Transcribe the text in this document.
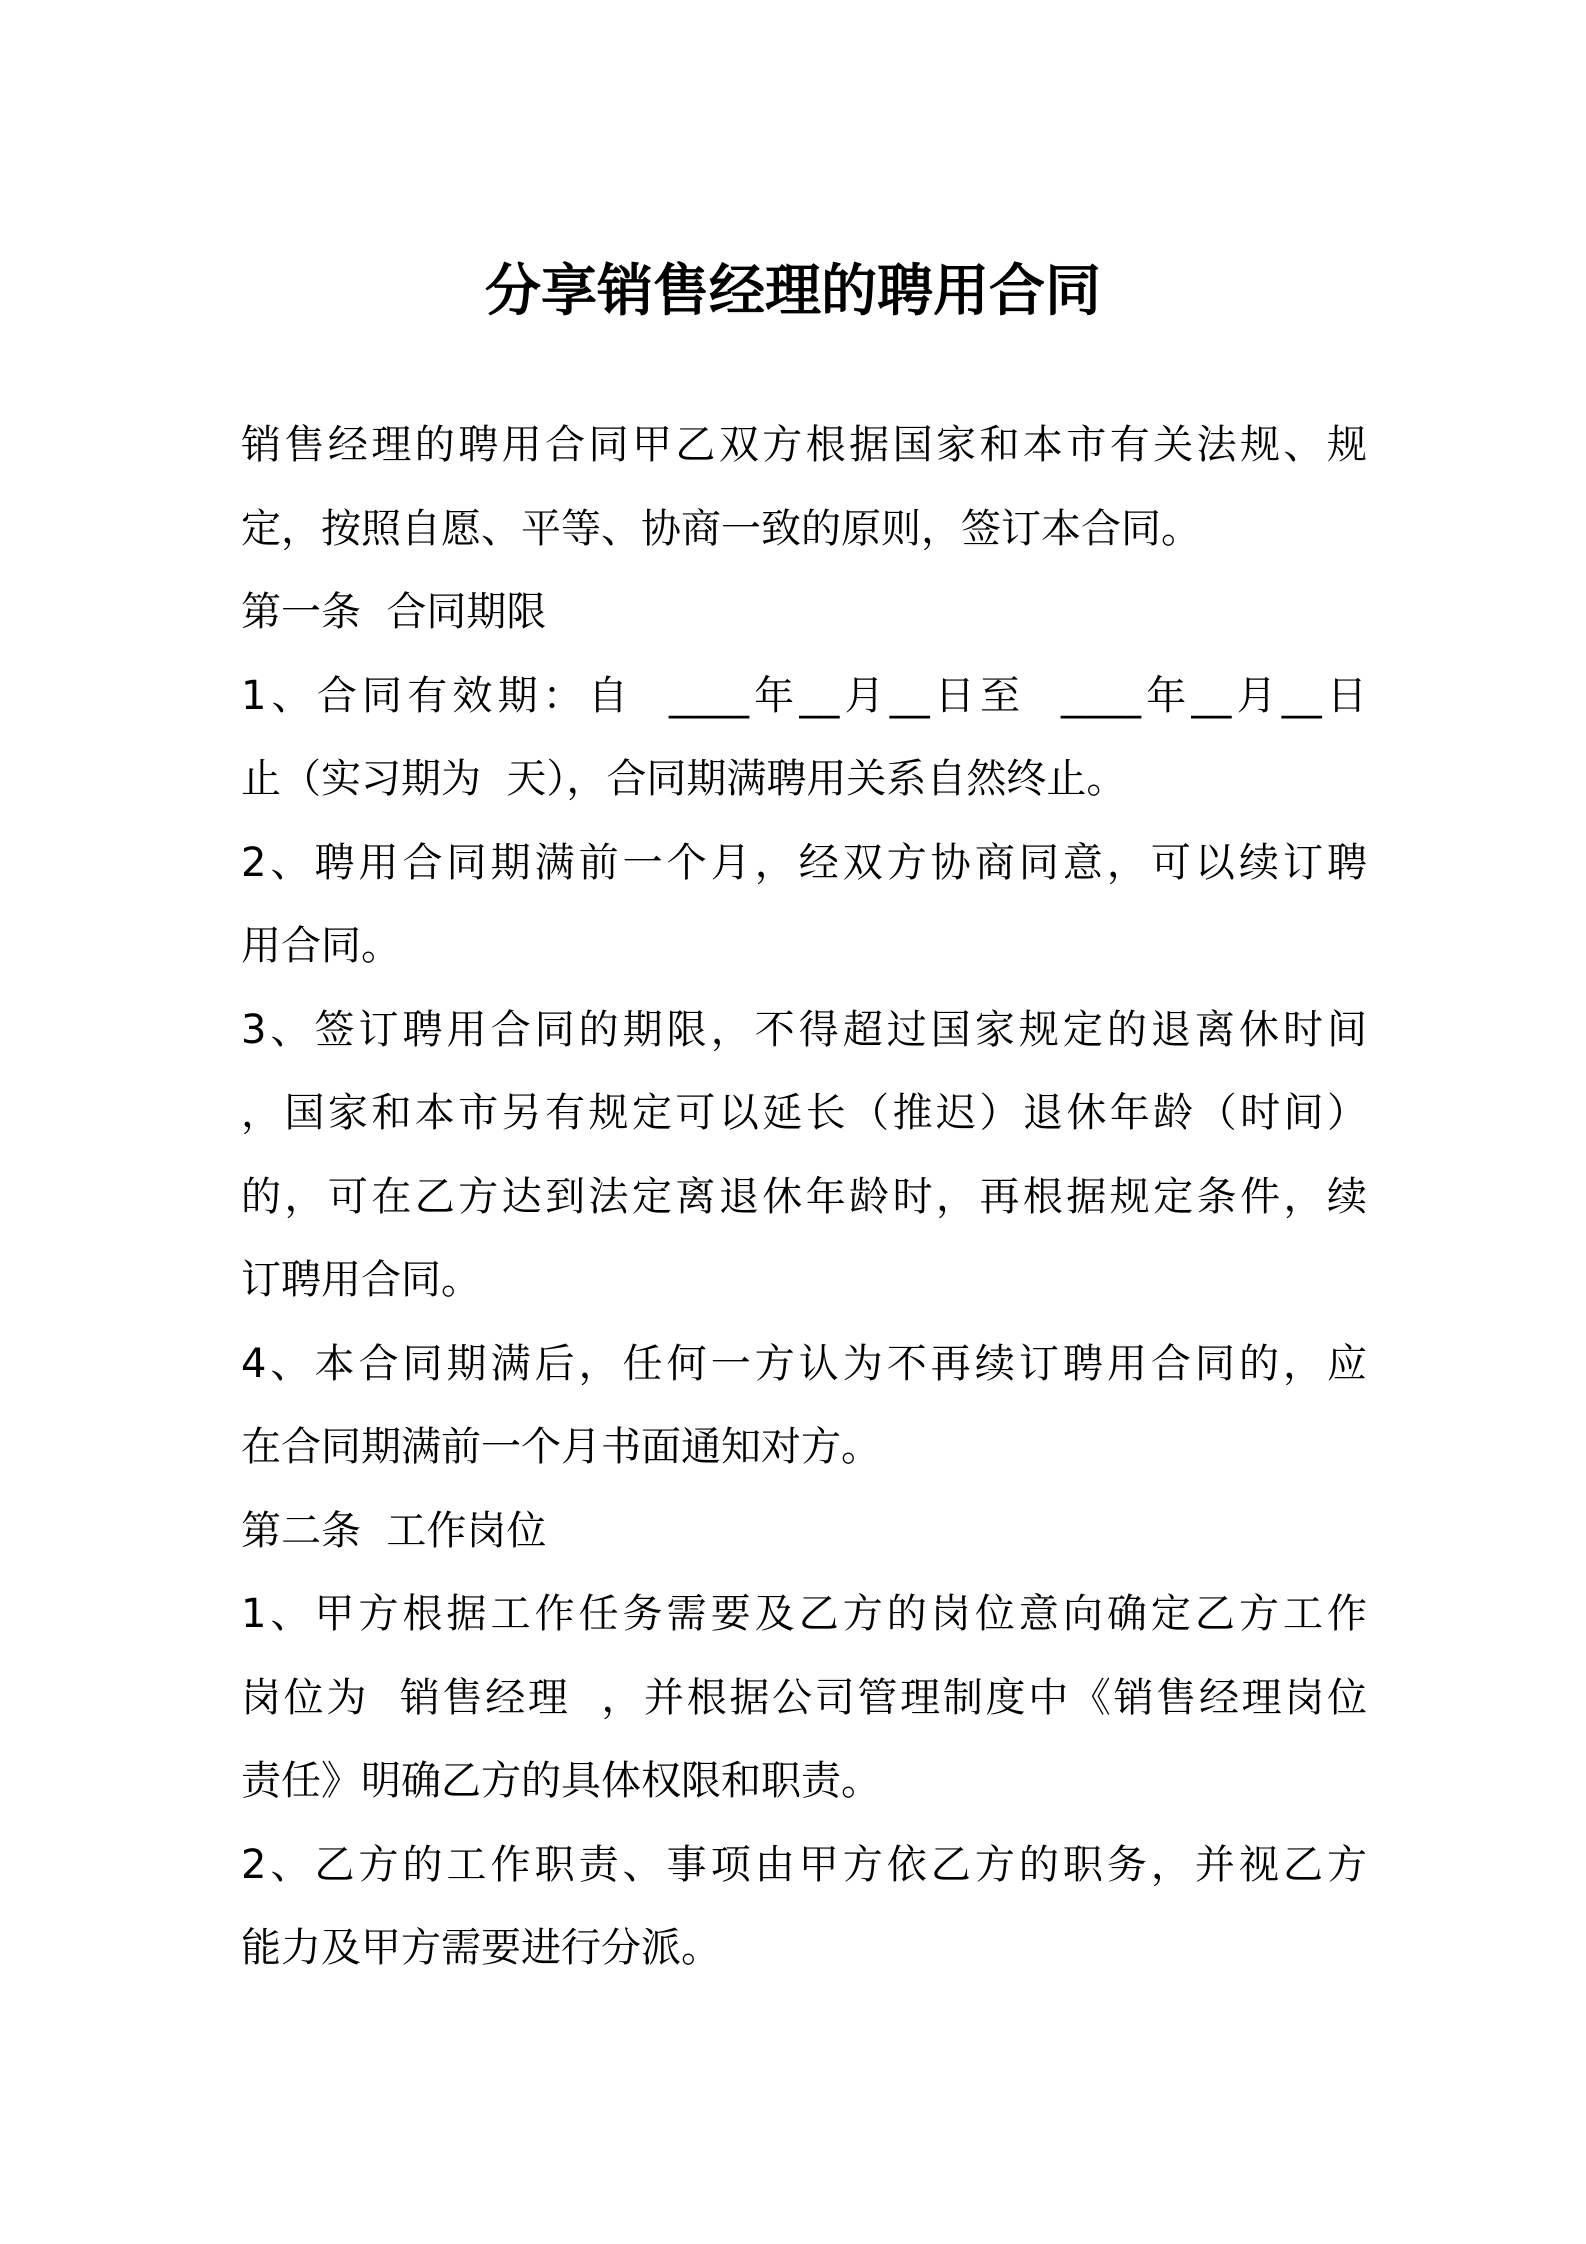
分享销售经理的聘用合同
销售经理的聘用合同甲乙双方根据国家和本市有关法规、规
定，按照自愿、平等、协商一致的原则，签订本合同。
第一条  合同期限
1、合同有效期：自  ____年__月__日至  ____年__月__日
止（实习期为  天），合同期满聘用关系自然终止。
2、聘用合同期满前一个月，经双方协商同意，可以续订聘
用合同。
3、签订聘用合同的期限，不得超过国家规定的退离休时间
，国家和本市另有规定可以延长（推迟）退休年龄（时间）
的，可在乙方达到法定离退休年龄时，再根据规定条件，续
订聘用合同。
4、本合同期满后，任何一方认为不再续订聘用合同的，应
在合同期满前一个月书面通知对方。
第二条  工作岗位
1、甲方根据工作任务需要及乙方的岗位意向确定乙方工作
岗位为  销售经理  ，并根据公司管理制度中《销售经理岗位
责任》明确乙方的具体权限和职责。
2、乙方的工作职责、事项由甲方依乙方的职务，并视乙方
能力及甲方需要进行分派。
